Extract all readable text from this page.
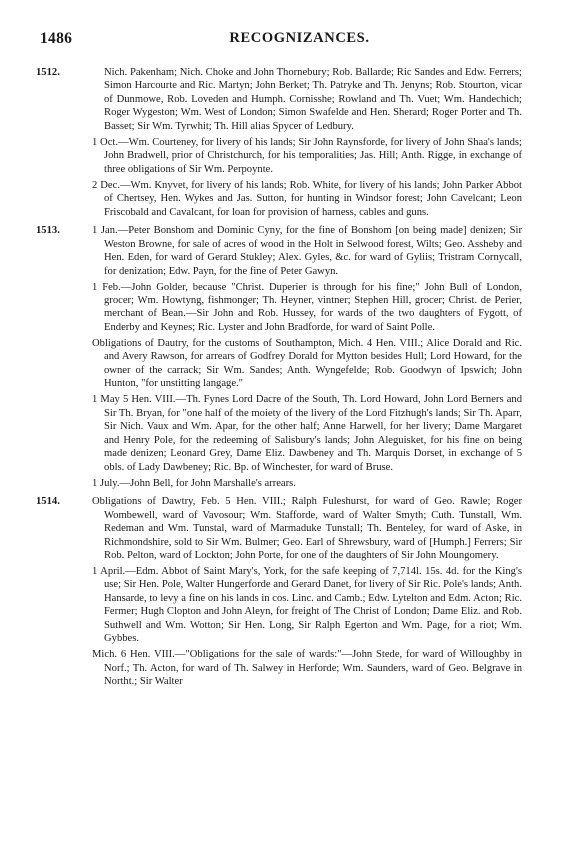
1486	RECOGNIZANCES.
1512.	Nich. Pakenham; Nich. Choke and John Thornebury; Rob. Ballarde; Ric Sandes and Edw. Ferrers; Simon Harcourte and Ric. Martyn; John Berket; Th. Patryke and Th. Jenyns; Rob. Stourton, vicar of Dunmowe, Rob. Loveden and Humph. Cornisshe; Rowland and Th. Vuet; Wm. Handechich; Roger Wygeston; Wm. West of London; Simon Swafelde and Hen. Sherard; Roger Porter and Th. Basset; Sir Wm. Tyrwhit; Th. Hill alias Spycer of Ledbury.

1 Oct.—Wm. Courteney, for livery of his lands; Sir John Raynsforde, for livery of John Shaa's lands; John Bradwell, prior of Christchurch, for his temporalities; Jas. Hill; Anth. Rigge, in exchange of three obligations of Sir Wm. Perpoynte.

2 Dec.—Wm. Knyvet, for livery of his lands; Rob. White, for livery of his lands; John Parker Abbot of Chertsey, Hen. Wykes and Jas. Sutton, for hunting in Windsor forest; John Cavelcant; Leon Friscobald and Cavalcant, for loan for provision of harness, cables and guns.

1513.	1 Jan.—Peter Bonshom and Dominic Cyny, for the fine of Bonshom [on being made] denizen; Sir Weston Browne, for sale of acres of wood in the Holt in Selwood forest, Wilts; Geo. Assheby and Hen. Eden, for ward of Gerard Stukley; Alex. Gyles, &c. for ward of Gyliis; Tristram Cornycall, for denization; Edw. Payn, for the fine of Peter Gawyn.

1 Feb.—John Golder, because "Christ. Duperier is through for his fine;" John Bull of London, grocer; Wm. Howtyng, fishmonger; Th. Heyner, vintner; Stephen Hill, grocer; Christ. de Perier, merchant of Bean.—Sir John and Rob. Hussey, for wards of the two daughters of Fygott, of Enderby and Keynes; Ric. Lyster and John Bradforde, for ward of Saint Polle.

Obligations of Dautry, for the customs of Southampton, Mich. 4 Hen. VIII.; Alice Dorald and Ric. and Avery Rawson, for arrears of Godfrey Dorald for Mytton besides Hull; Lord Howard, for the owner of the carrack; Sir Wm. Sandes; Anth. Wyngefelde; Rob. Goodwyn of Ipswich; John Hunton, "for unstitting langage."

1 May 5 Hen. VIII.—Th. Fynes Lord Dacre of the South, Th. Lord Howard, John Lord Berners and Sir Th. Bryan, for "one half of the moiety of the livery of the Lord Fitzhugh's lands; Sir Th. Aparr, Sir Nich. Vaux and Wm. Apar, for the other half; Anne Harwell, for her livery; Dame Margaret and Henry Pole, for the redeeming of Salisbury's lands; John Aleguisket, for his fine on being made denizen; Leonard Grey, Dame Eliz. Dawbeney and Th. Marquis Dorset, in exchange of 5 obls. of Lady Dawbeney; Ric. Bp. of Winchester, for ward of Bruse.

1 July.—John Bell, for John Marshalle's arrears.

1514.	Obligations of Dawtry, Feb. 5 Hen. VIII.; Ralph Fuleshurst, for ward of Geo. Rawle; Roger Wombewell, ward of Vavosour; Wm. Stafforde, ward of Walter Smyth; Cuth. Tunstall, Wm. Redeman and Wm. Tunstal, ward of Marmaduke Tunstall; Th. Benteley, for ward of Aske, in Richmondshire, sold to Sir Wm. Bulmer; Geo. Earl of Shrewsbury, ward of [Humph.] Ferrers; Sir Rob. Pelton, ward of Lockton; John Porte, for one of the daughters of Sir John Moungomery.

1 April.—Edm. Abbot of Saint Mary's, York, for the safe keeping of 7,714l. 15s. 4d. for the King's use; Sir Hen. Pole, Walter Hungerforde and Gerard Danet, for livery of Sir Ric. Pole's lands; Anth. Hansarde, to levy a fine on his lands in cos. Linc. and Camb.; Edw. Lytelton and Edm. Acton; Ric. Fermer; Hugh Clopton and John Aleyn, for freight of The Christ of London; Dame Eliz. and Rob. Suthwell and Wm. Wotton; Sir Hen. Long, Sir Ralph Egerton and Wm. Page, for a riot; Wm. Gybbes.

Mich. 6 Hen. VIII.—"Obligations for the sale of wards:"—John Stede, for ward of Willoughby in Norf.; Th. Acton, for ward of Th. Salwey in Herforde; Wm. Saunders, ward of Geo. Belgrave in Northt.; Sir Walter
